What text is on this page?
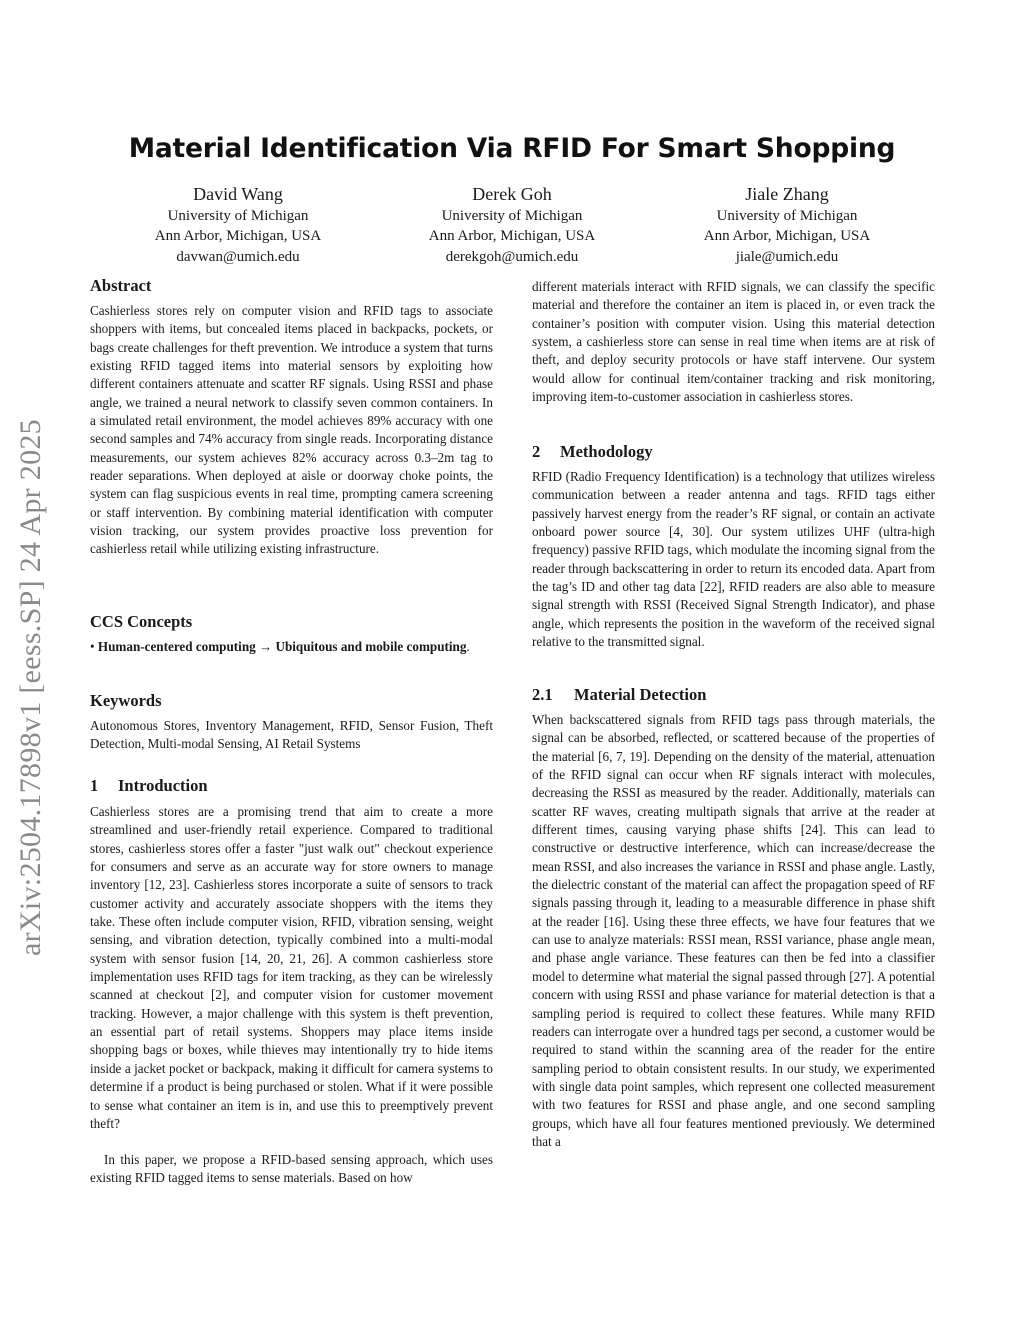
arXiv:2504.17898v1 [eess.SP] 24 Apr 2025
Material Identification Via RFID For Smart Shopping
David Wang
University of Michigan
Ann Arbor, Michigan, USA
davwan@umich.edu
Derek Goh
University of Michigan
Ann Arbor, Michigan, USA
derekgoh@umich.edu
Jiale Zhang
University of Michigan
Ann Arbor, Michigan, USA
jiale@umich.edu
Abstract

Cashierless stores rely on computer vision and RFID tags to associate shoppers with items, but concealed items placed in backpacks, pockets, or bags create challenges for theft prevention. We introduce a system that turns existing RFID tagged items into material sensors by exploiting how different containers attenuate and scatter RF signals. Using RSSI and phase angle, we trained a neural network to classify seven common containers. In a simulated retail environment, the model achieves 89% accuracy with one second samples and 74% accuracy from single reads. Incorporating distance measurements, our system achieves 82% accuracy across 0.3–2m tag to reader separations. When deployed at aisle or doorway choke points, the system can flag suspicious events in real time, prompting camera screening or staff intervention. By combining material identification with computer vision tracking, our system provides proactive loss prevention for cashierless retail while utilizing existing infrastructure.

CCS Concepts

• Human-centered computing → Ubiquitous and mobile computing.

Keywords

Autonomous Stores, Inventory Management, RFID, Sensor Fusion, Theft Detection, Multi-modal Sensing, AI Retail Systems

1 Introduction

Cashierless stores are a promising trend that aim to create a more streamlined and user-friendly retail experience. Compared to traditional stores, cashierless stores offer a faster "just walk out" checkout experience for consumers and serve as an accurate way for store owners to manage inventory [12, 23]. Cashierless stores incorporate a suite of sensors to track customer activity and accurately associate shoppers with the items they take. These often include computer vision, RFID, vibration sensing, weight sensing, and vibration detection, typically combined into a multi-modal system with sensor fusion [14, 20, 21, 26]. A common cashierless store implementation uses RFID tags for item tracking, as they can be wirelessly scanned at checkout [2], and computer vision for customer movement tracking. However, a major challenge with this system is theft prevention, an essential part of retail systems. Shoppers may place items inside shopping bags or boxes, while thieves may intentionally try to hide items inside a jacket pocket or backpack, making it difficult for camera systems to determine if a product is being purchased or stolen. What if it were possible to sense what container an item is in, and use this to preemptively prevent theft?

In this paper, we propose a RFID-based sensing approach, which uses existing RFID tagged items to sense materials. Based on how

different materials interact with RFID signals, we can classify the specific material and therefore the container an item is placed in, or even track the container’s position with computer vision. Using this material detection system, a cashierless store can sense in real time when items are at risk of theft, and deploy security protocols or have staff intervene. Our system would allow for continual item/container tracking and risk monitoring, improving item-to-customer association in cashierless stores.

2 Methodology

RFID (Radio Frequency Identification) is a technology that utilizes wireless communication between a reader antenna and tags. RFID tags either passively harvest energy from the reader’s RF signal, or contain an activate onboard power source [4, 30]. Our system utilizes UHF (ultra-high frequency) passive RFID tags, which modulate the incoming signal from the reader through backscattering in order to return its encoded data. Apart from the tag’s ID and other tag data [22], RFID readers are also able to measure signal strength with RSSI (Received Signal Strength Indicator), and phase angle, which represents the position in the waveform of the received signal relative to the transmitted signal.

2.1 Material Detection

When backscattered signals from RFID tags pass through materials, the signal can be absorbed, reflected, or scattered because of the properties of the material [6, 7, 19]. Depending on the density of the material, attenuation of the RFID signal can occur when RF signals interact with molecules, decreasing the RSSI as measured by the reader. Additionally, materials can scatter RF waves, creating multipath signals that arrive at the reader at different times, causing varying phase shifts [24]. This can lead to constructive or destructive interference, which can increase/decrease the mean RSSI, and also increases the variance in RSSI and phase angle. Lastly, the dielectric constant of the material can affect the propagation speed of RF signals passing through it, leading to a measurable difference in phase shift at the reader [16]. Using these three effects, we have four features that we can use to analyze materials: RSSI mean, RSSI variance, phase angle mean, and phase angle variance. These features can then be fed into a classifier model to determine what material the signal passed through [27]. A potential concern with using RSSI and phase variance for material detection is that a sampling period is required to collect these features. While many RFID readers can interrogate over a hundred tags per second, a customer would be required to stand within the scanning area of the reader for the entire sampling period to obtain consistent results. In our study, we experimented with single data point samples, which represent one collected measurement with two features for RSSI and phase angle, and one second sampling groups, which have all four features mentioned previously. We determined that a
